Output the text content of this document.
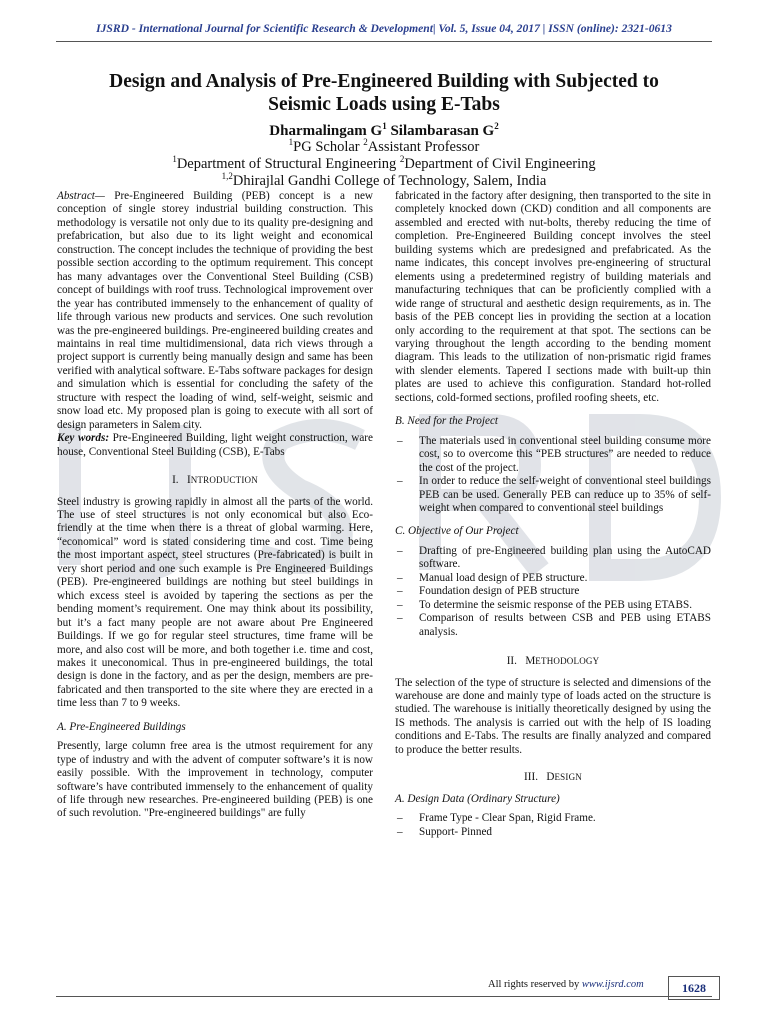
IJSRD - International Journal for Scientific Research & Development| Vol. 5, Issue 04, 2017 | ISSN (online): 2321-0613
Design and Analysis of Pre-Engineered Building with Subjected to
Seismic Loads using E-Tabs
Dharmalingam $G^1$ Silambarasan $G^2$
$^1$PG Scholar $^2$Assistant Professor
$^1$Department of Structural Engineering $^2$Department of Civil Engineering
$^{1,2}$Dhirajlal Gandhi College of Technology, Salem, India

Abstract— Pre-Engineered Building (PEB) concept is a new conception of single storey industrial building construction. This methodology is versatile not only due to its quality pre-designing and prefabrication, but also due to its light weight and economical construction. The concept includes the technique of providing the best possible section according to the optimum requirement. This concept has many advantages over the Conventional Steel Building (CSB) concept of buildings with roof truss. Technological improvement over the year has contributed immensely to the enhancement of quality of life through various new products and services. One such revolution was the pre-engineered buildings. Pre-engineered building creates and maintains in real time multidimensional, data rich views through a project support is currently being manually design and same has been verified with analytical software. E-Tabs software packages for design and simulation which is essential for concluding the safety of the structure with respect the loading of wind, self-weight, seismic and snow load etc. My proposed plan is going to execute with all sort of design parameters in Salem city.

Key words: Pre-Engineered Building, light weight construction, ware house, Conventional Steel Building (CSB), E-Tabs

I. INTRODUCTION

Steel industry is growing rapidly in almost all the parts of the world. The use of steel structures is not only economical but also Eco-friendly at the time when there is a threat of global warming. Here, “economical” word is stated considering time and cost. Time being the most important aspect, steel structures (Pre-fabricated) is built in very short period and one such example is Pre Engineered Buildings (PEB). Pre-engineered buildings are nothing but steel buildings in which excess steel is avoided by tapering the sections as per the bending moment’s requirement. One may think about its possibility, but it’s a fact many people are not aware about Pre Engineered Buildings. If we go for regular steel structures, time frame will be more, and also cost will be more, and both together i.e. time and cost, makes it uneconomical. Thus in pre-engineered buildings, the total design is done in the factory, and as per the design, members are pre-fabricated and then transported to the site where they are erected in a time less than 7 to 9 weeks.

A. Pre-Engineered Buildings

Presently, large column free area is the utmost requirement for any type of industry and with the advent of computer software’s it is now easily possible. With the improvement in technology, computer software’s have contributed immensely to the enhancement of quality of life through new researches. Pre-engineered building (PEB) is one of such revolution. "Pre-engineered buildings" are fully

fabricated in the factory after designing, then transported to the site in completely knocked down (CKD) condition and all components are assembled and erected with nut-bolts, thereby reducing the time of completion. Pre-Engineered Building concept involves the steel building systems which are predesigned and prefabricated. As the name indicates, this concept involves pre-engineering of structural elements using a predetermined registry of building materials and manufacturing techniques that can be proficiently complied with a wide range of structural and aesthetic design requirements, as in. The basis of the PEB concept lies in providing the section at a location only according to the requirement at that spot. The sections can be varying throughout the length according to the bending moment diagram. This leads to the utilization of non-prismatic rigid frames with slender elements. Tapered I sections made with built-up thin plates are used to achieve this configuration. Standard hot-rolled sections, cold-formed sections, profiled roofing sheets, etc.

B. Need for the Project
– The materials used in conventional steel building consume more cost, so to overcome this “PEB structures” are needed to reduce the cost of the project.
– In order to reduce the self-weight of conventional steel buildings PEB can be used. Generally PEB can reduce up to 35% of self-weight when compared to conventional steel buildings
C. Objective of Our Project
– Drafting of pre-Engineered building plan using the AutoCAD software.
– Manual load design of PEB structure.
– Foundation design of PEB structure
– To determine the seismic response of the PEB using ETABS.
– Comparison of results between CSB and PEB using ETABS analysis.
II. METHODOLOGY

The selection of the type of structure is selected and dimensions of the warehouse are done and mainly type of loads acted on the structure is studied. The warehouse is initially theoretically designed by using the IS methods. The analysis is carried out with the help of IS loading conditions and E-Tabs. The results are finally analyzed and compared to produce the better results.

III. DESIGN
A. Design Data (Ordinary Structure)
– Frame Type - Clear Span, Rigid Frame.
– Support- Pinned
All rights reserved by www.ijsrd.com	1628
